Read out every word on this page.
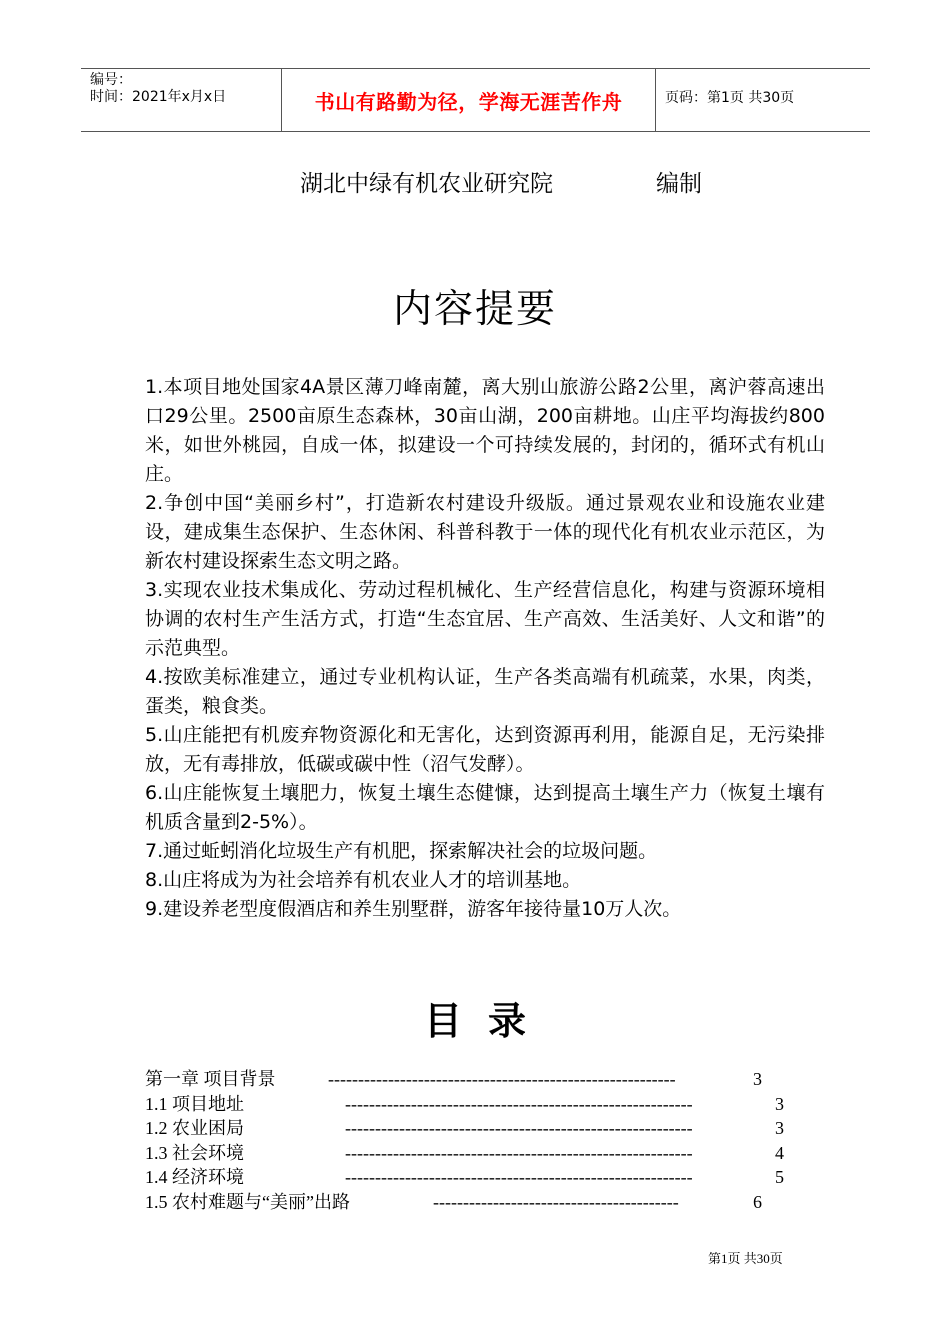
编号：
时间：2021年x月x日	书山有路勤为径，学海无涯苦作舟	页码：第1页 共30页
湖北中绿有机农业研究院	编制
内容提要

1.本项目地处国家4A景区薄刀峰南麓，离大别山旅游公路2公里，离沪蓉高速出口29公里。2500亩原生态森林，30亩山湖，200亩耕地。山庄平均海拔约800米，如世外桃园，自成一体，拟建设一个可持续发展的，封闭的，循环式有机山庄。

2.争创中国“美丽乡村”，打造新农村建设升级版。通过景观农业和设施农业建设，建成集生态保护、生态休闲、科普科教于一体的现代化有机农业示范区，为新农村建设探索生态文明之路。

3.实现农业技术集成化、劳动过程机械化、生产经营信息化，构建与资源环境相协调的农村生产生活方式，打造“生态宜居、生产高效、生活美好、人文和谐”的示范典型。

4.按欧美标准建立，通过专业机构认证，生产各类高端有机疏菜，水果，肉类，蛋类，粮食类。

5.山庄能把有机废弃物资源化和无害化，达到资源再利用，能源自足，无污染排放，无有毒排放，低碳或碳中性（沼气发酵）。

6.山庄能恢复土壤肥力，恢复土壤生态健慷，达到提高土壤生产力（恢复土壤有机质含量到2-5%）。

7.通过蚯蚓消化垃圾生产有机肥，探索解决社会的垃圾问题。

8.山庄将成为为社会培养有机农业人才的培训基地。

9.建设养老型度假酒店和养生别墅群，游客年接待量10万人次。

目录
第一章 项目背景	----------------------------------------------------------	3
1.1 项目地址	----------------------------------------------------------	3
1.2 农业困局	----------------------------------------------------------	3
1.3 社会环境	----------------------------------------------------------	4
1.4 经济环境	----------------------------------------------------------	5
1.5 农村难题与“美丽”出路	-----------------------------------------	6
第1页 共30页
